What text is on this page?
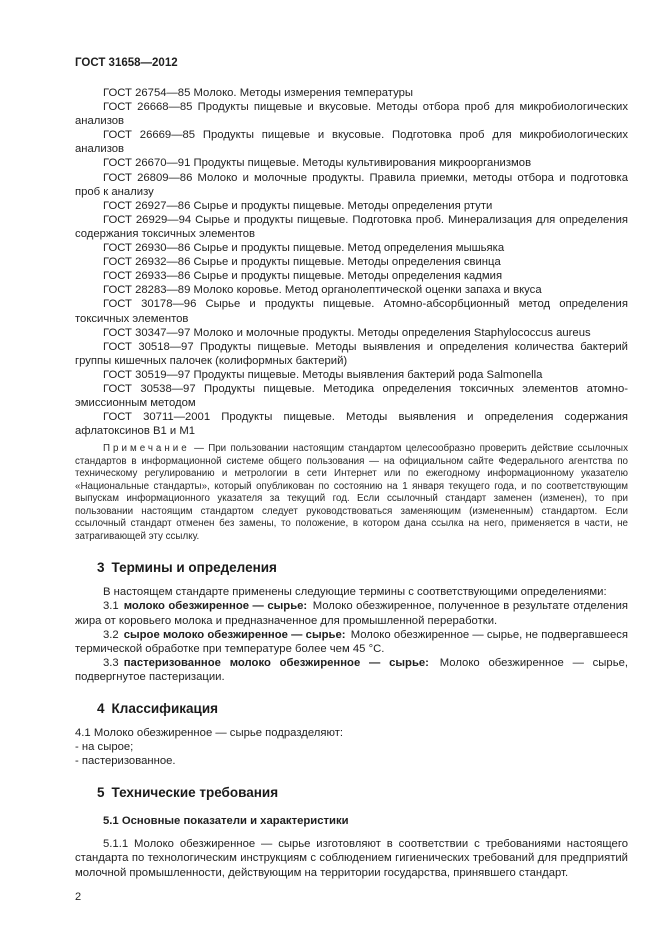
ГОСТ 31658—2012

ГОСТ 26754—85 Молоко. Методы измерения температуры

ГОСТ 26668—85 Продукты пищевые и вкусовые. Методы отбора проб для микробиологических анализов

ГОСТ 26669—85 Продукты пищевые и вкусовые. Подготовка проб для микробиологических анализов

ГОСТ 26670—91 Продукты пищевые. Методы культивирования микроорганизмов

ГОСТ 26809—86 Молоко и молочные продукты. Правила приемки, методы отбора и подготовка проб к анализу

ГОСТ 26927—86 Сырье и продукты пищевые. Методы определения ртути

ГОСТ 26929—94 Сырье и продукты пищевые. Подготовка проб. Минерализация для определения содержания токсичных элементов

ГОСТ 26930—86 Сырье и продукты пищевые. Метод определения мышьяка

ГОСТ 26932—86 Сырье и продукты пищевые. Методы определения свинца

ГОСТ 26933—86 Сырье и продукты пищевые. Методы определения кадмия

ГОСТ 28283—89 Молоко коровье. Метод органолептической оценки запаха и вкуса

ГОСТ 30178—96 Сырье и продукты пищевые. Атомно-абсорбционный метод определения токсичных элементов

ГОСТ 30347—97 Молоко и молочные продукты. Методы определения Staphylococcus aureus

ГОСТ 30518—97 Продукты пищевые. Методы выявления и определения количества бактерий группы кишечных палочек (колиформных бактерий)

ГОСТ 30519—97 Продукты пищевые. Методы выявления бактерий рода Salmonella

ГОСТ 30538—97 Продукты пищевые. Методика определения токсичных элементов атомно-эмиссионным методом

ГОСТ 30711—2001 Продукты пищевые. Методы выявления и определения содержания афлатоксинов В1 и М1

Примечание — При пользовании настоящим стандартом целесообразно проверить действие ссылочных стандартов в информационной системе общего пользования — на официальном сайте Федерального агентства по техническому регулированию и метрологии в сети Интернет или по ежегодному информационному указателю «Национальные стандарты», который опубликован по состоянию на 1 января текущего года, и по соответствующим выпускам информационного указателя за текущий год. Если ссылочный стандарт заменен (изменен), то при пользовании настоящим стандартом следует руководствоваться заменяющим (измененным) стандартом. Если ссылочный стандарт отменен без замены, то положение, в котором дана ссылка на него, применяется в части, не затрагивающей эту ссылку.

3 Термины и определения

В настоящем стандарте применены следующие термины с соответствующими определениями:

3.1 молоко обезжиренное — сырье: Молоко обезжиренное, полученное в результате отделения жира от коровьего молока и предназначенное для промышленной переработки.

3.2 сырое молоко обезжиренное — сырье: Молоко обезжиренное — сырье, не подвергавшееся термической обработке при температуре более чем 45 °С.

3.3 пастеризованное молоко обезжиренное — сырье: Молоко обезжиренное — сырье, подвергнутое пастеризации.

4 Классификация

4.1 Молоко обезжиренное — сырье подразделяют:

- на сырое;

- пастеризованное.

5 Технические требования

5.1 Основные показатели и характеристики

5.1.1 Молоко обезжиренное — сырье изготовляют в соответствии с требованиями настоящего стандарта по технологическим инструкциям с соблюдением гигиенических требований для предприятий молочной промышленности, действующим на территории государства, принявшего стандарт.

2
